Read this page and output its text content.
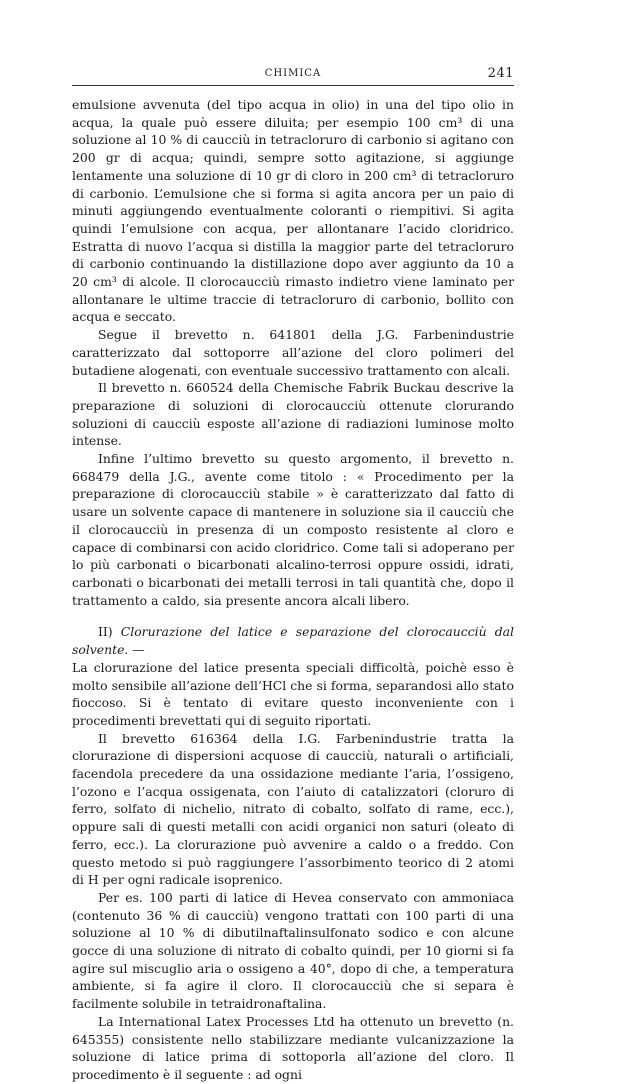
CHIMICA	241

emulsione avvenuta (del tipo acqua in olio) in una del tipo olio in acqua, la quale può essere diluita; per esempio 100 cm³ di una soluzione al 10 % di caucciù in tetracloruro di carbonio si agitano con 200 gr di acqua; quindi, sempre sotto agitazione, si aggiunge lentamente una soluzione di 10 gr di cloro in 200 cm³ di tetracloruro di carbonio. L’emulsione che si forma si agita ancora per un paio di minuti aggiungendo eventualmente coloranti o riempitivi. Si agita quindi l’emulsione con acqua, per allontanare l’acido cloridrico. Estratta di nuovo l’acqua si distilla la maggior parte del tetracloruro di carbonio continuando la distillazione dopo aver aggiunto da 10 a 20 cm³ di alcole. Il clorocaucciù rimasto indietro viene laminato per allontanare le ultime traccie di tetracloruro di carbonio, bollito con acqua e seccato.

Segue il brevetto n. 641801 della J.G. Farbenindustrie caratterizzato dal sottoporre all’azione del cloro polimeri del butadiene alogenati, con eventuale successivo trattamento con alcali.

Il brevetto n. 660524 della Chemische Fabrik Buckau descrive la preparazione di soluzioni di clorocaucciù ottenute clorurando soluzioni di caucciù esposte all’azione di radiazioni luminose molto intense.

Infine l’ultimo brevetto su questo argomento, il brevetto n. 668479 della J.G., avente come titolo : « Procedimento per la preparazione di clorocaucciù stabile » è caratterizzato dal fatto di usare un solvente capace di mantenere in soluzione sia il caucciù che il clorocaucciù in presenza di un composto resistente al cloro e capace di combinarsi con acido cloridrico. Come tali si adoperano per lo più carbonati o bicarbonati alcalino-terrosi oppure ossidi, idrati, carbonati o bicarbonati dei metalli terrosi in tali quantità che, dopo il trattamento a caldo, sia presente ancora alcali libero.

II) Clorurazione del latice e separazione del clorocaucciù dal solvente. —

La clorurazione del latice presenta speciali difficoltà, poichè esso è molto sensibile all’azione dell’HCl che si forma, separandosi allo stato fioccoso. Si è tentato di evitare questo inconveniente con i procedimenti brevettati qui di seguito riportati.

Il brevetto 616364 della I.G. Farbenindustrie tratta la clorurazione di dispersioni acquose di caucciù, naturali o artificiali, facendola precedere da una ossidazione mediante l’aria, l’ossigeno, l’ozono e l’acqua ossigenata, con l’aiuto di catalizzatori (cloruro di ferro, solfato di nichelio, nitrato di cobalto, solfato di rame, ecc.), oppure sali di questi metalli con acidi organici non saturi (oleato di ferro, ecc.). La clorurazione può avvenire a caldo o a freddo. Con questo metodo si può raggiungere l’assorbimento teorico di 2 atomi di H per ogni radicale isoprenico.

Per es. 100 parti di latice di Hevea conservato con ammoniaca (contenuto 36 % di caucciù) vengono trattati con 100 parti di una soluzione al 10 % di dibutilnaftalinsulfonato sodico e con alcune gocce di una soluzione di nitrato di cobalto quindi, per 10 giorni si fa agire sul miscuglio aria o ossigeno a 40°, dopo di che, a temperatura ambiente, si fa agire il cloro. Il clorocaucciù che si separa è facilmente solubile in tetraidronaftalina.

La International Latex Processes Ltd ha ottenuto un brevetto (n. 645355) consistente nello stabilizzare mediante vulcanizzazione la soluzione di latice prima di sottoporla all’azione del cloro. Il procedimento è il seguente : ad ogni
